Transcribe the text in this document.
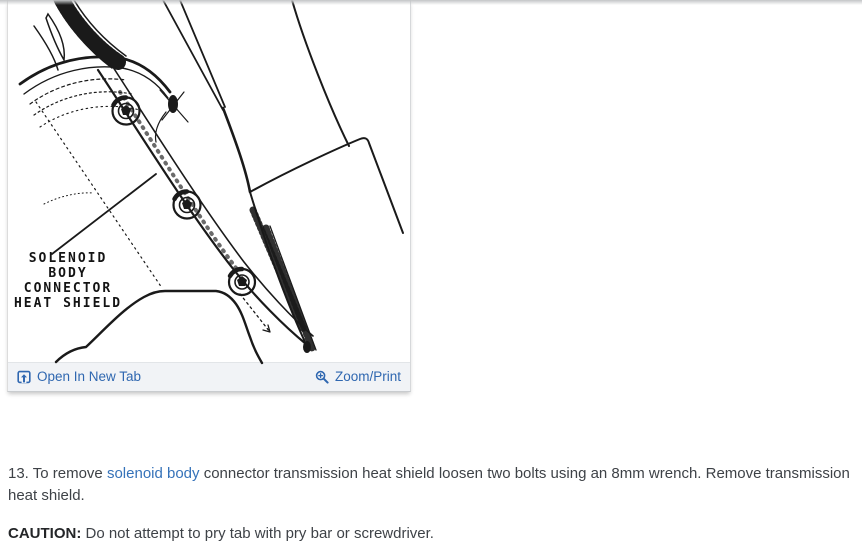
SOLENOID
BODY
CONNECTOR
HEAT SHIELD
Open In New Tab	Zoom/Print

13. To remove solenoid body connector transmission heat shield loosen two bolts using an 8mm wrench. Remove transmission heat shield.

CAUTION: Do not attempt to pry tab with pry bar or screwdriver.
